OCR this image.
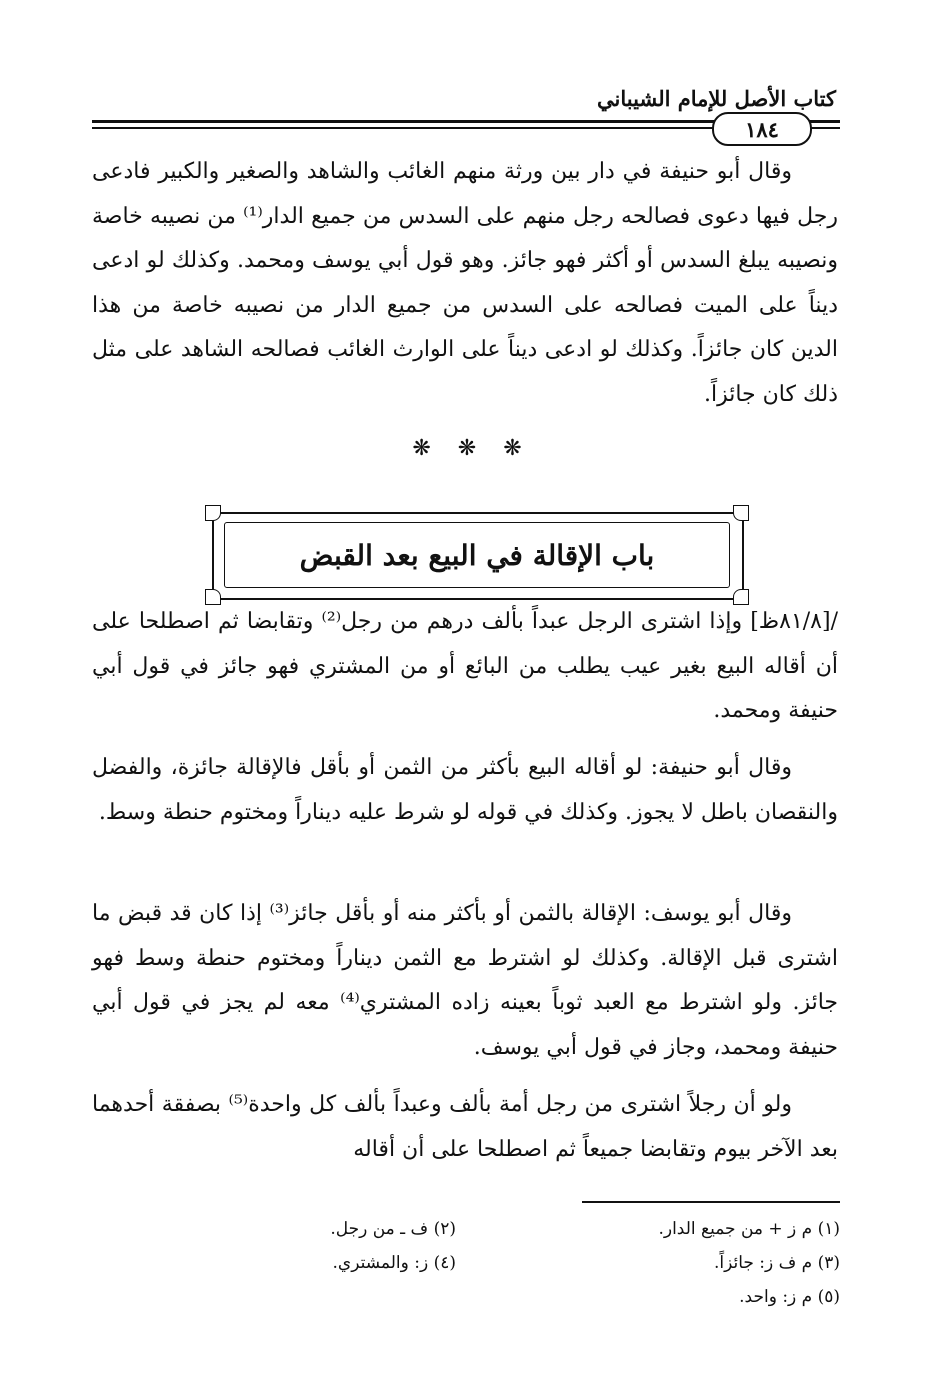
كتاب الأصل للإمام الشيباني
١٨٤
وقال أبو حنيفة في دار بين ورثة منهم الغائب والشاهد والصغير والكبير فادعى رجل فيها دعوى فصالحه رجل منهم على السدس من جميع الدار⁽¹⁾ من نصيبه خاصة ونصيبه يبلغ السدس أو أكثر فهو جائز. وهو قول أبي يوسف ومحمد. وكذلك لو ادعى ديناً على الميت فصالحه على السدس من جميع الدار من نصيبه خاصة من هذا الدين كان جائزاً. وكذلك لو ادعى ديناً على الوارث الغائب فصالحه الشاهد على مثل ذلك كان جائزاً.
❋ ❋ ❋
باب الإقالة في البيع بعد القبض
/[٨١/٨ظ] وإذا اشترى الرجل عبداً بألف درهم من رجل⁽²⁾ وتقابضا ثم اصطلحا على أن أقاله البيع بغير عيب يطلب من البائع أو من المشتري فهو جائز في قول أبي حنيفة ومحمد.
وقال أبو حنيفة: لو أقاله البيع بأكثر من الثمن أو بأقل فالإقالة جائزة، والفضل والنقصان باطل لا يجوز. وكذلك في قوله لو شرط عليه ديناراً ومختوم حنطة وسط.
وقال أبو يوسف: الإقالة بالثمن أو بأكثر منه أو بأقل جائز⁽³⁾ إذا كان قد قبض ما اشترى قبل الإقالة. وكذلك لو اشترط مع الثمن ديناراً ومختوم حنطة وسط فهو جائز. ولو اشترط مع العبد ثوباً بعينه زاده المشتري⁽⁴⁾ معه لم يجز في قول أبي حنيفة ومحمد، وجاز في قول أبي يوسف.
ولو أن رجلاً اشترى من رجل أمة بألف وعبداً بألف كل واحدة⁽⁵⁾ بصفقة أحدهما بعد الآخر بيوم وتقابضا جميعاً ثم اصطلحا على أن أقاله
(١) م ز + من جميع الدار.
(٢) ف ـ من رجل.
(٣) م ف ز: جائزاً.
(٤) ز: والمشتري.
(٥) م ز: واحد.
